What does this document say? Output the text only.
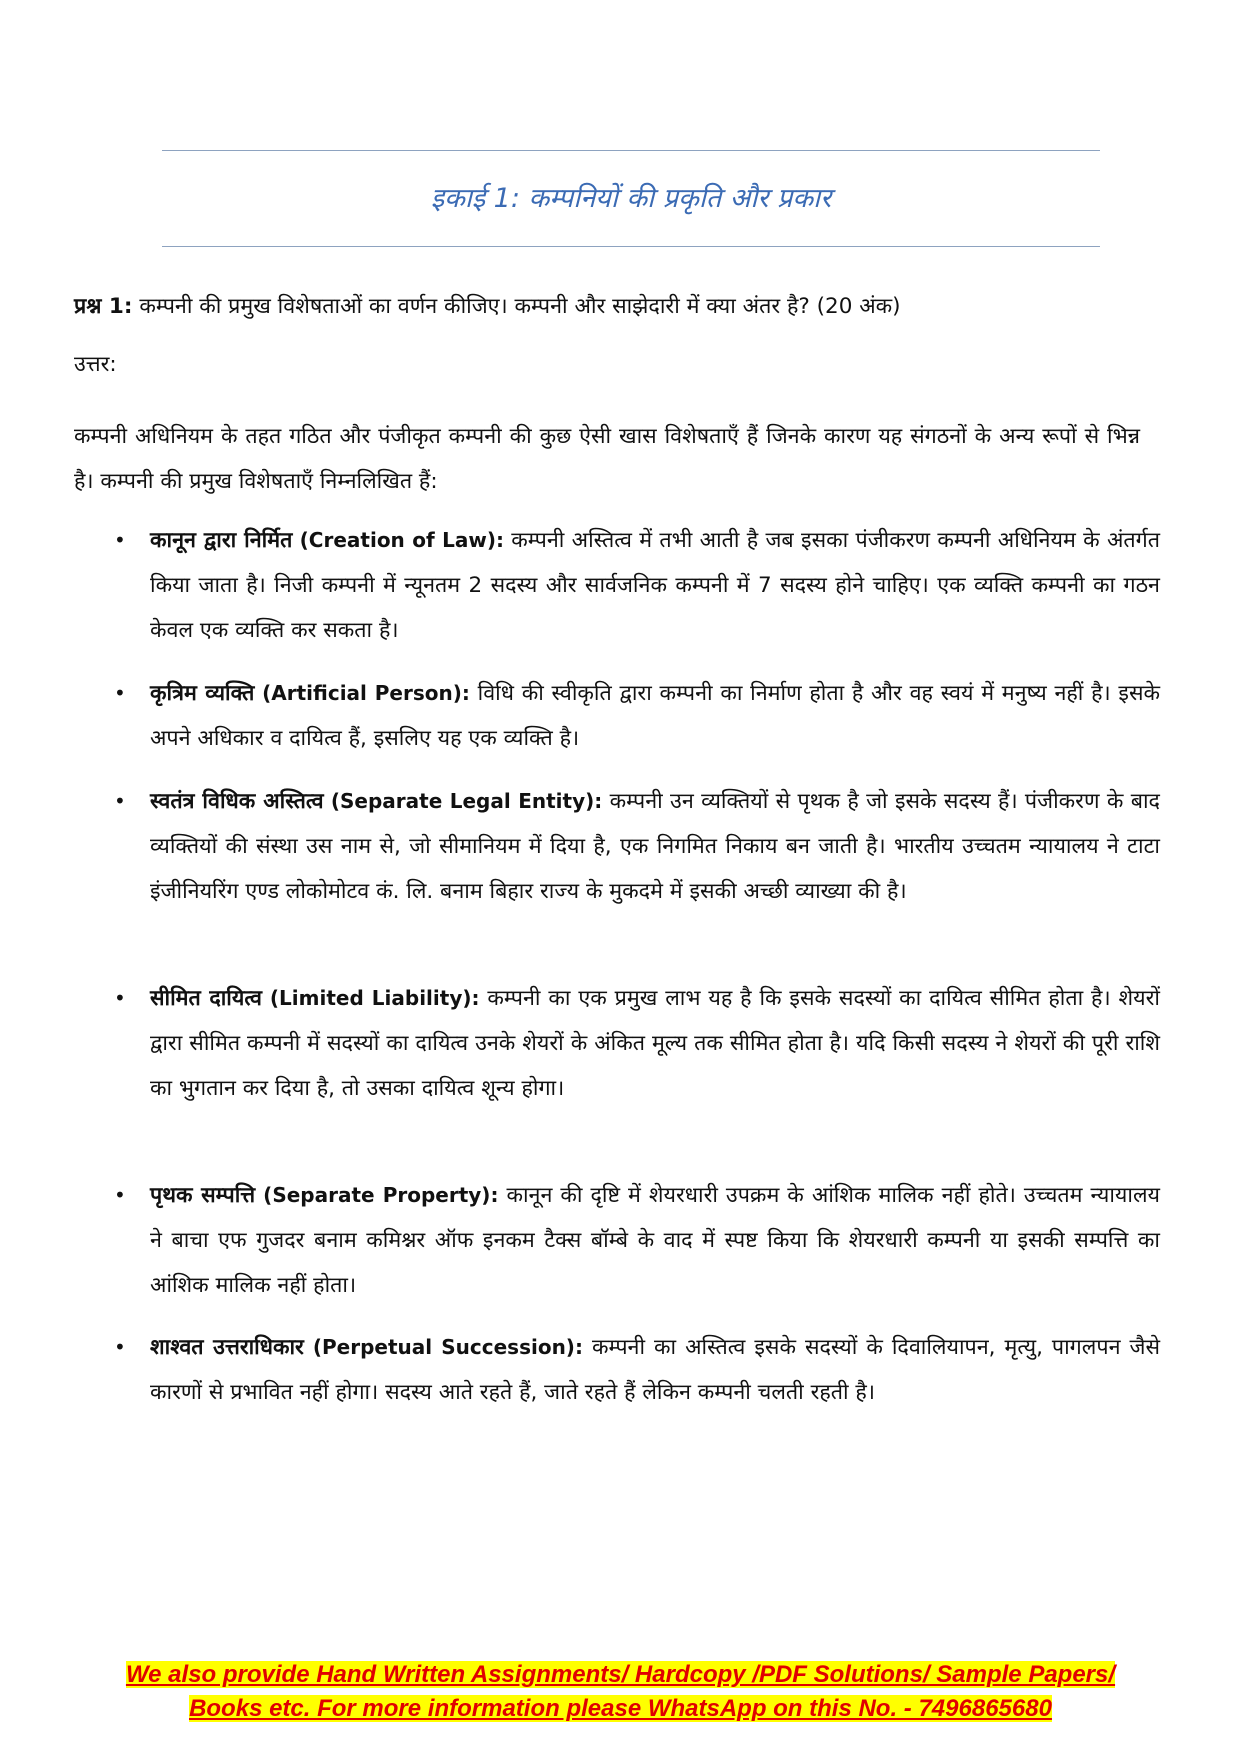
इकाई 1: कम्पनियों की प्रकृति और प्रकार
प्रश्न 1: कम्पनी की प्रमुख विशेषताओं का वर्णन कीजिए। कम्पनी और साझेदारी में क्या अंतर है? (20 अंक)
उत्तर:
कम्पनी अधिनियम के तहत गठित और पंजीकृत कम्पनी की कुछ ऐसी खास विशेषताएँ हैं जिनके कारण यह संगठनों के अन्य रूपों से भिन्न है। कम्पनी की प्रमुख विशेषताएँ निम्नलिखित हैं:
• कानून द्वारा निर्मित (Creation of Law): कम्पनी अस्तित्व में तभी आती है जब इसका पंजीकरण कम्पनी अधिनियम के अंतर्गत किया जाता है। निजी कम्पनी में न्यूनतम 2 सदस्य और सार्वजनिक कम्पनी में 7 सदस्य होने चाहिए। एक व्यक्ति कम्पनी का गठन केवल एक व्यक्ति कर सकता है।
• कृत्रिम व्यक्ति (Artificial Person): विधि की स्वीकृति द्वारा कम्पनी का निर्माण होता है और वह स्वयं में मनुष्य नहीं है। इसके अपने अधिकार व दायित्व हैं, इसलिए यह एक व्यक्ति है।
• स्वतंत्र विधिक अस्तित्व (Separate Legal Entity): कम्पनी उन व्यक्तियों से पृथक है जो इसके सदस्य हैं। पंजीकरण के बाद व्यक्तियों की संस्था उस नाम से, जो सीमानियम में दिया है, एक निगमित निकाय बन जाती है। भारतीय उच्चतम न्यायालय ने टाटा इंजीनियरिंग एण्ड लोकोमोटव कं. लि. बनाम बिहार राज्य के मुकदमे में इसकी अच्छी व्याख्या की है।
• सीमित दायित्व (Limited Liability): कम्पनी का एक प्रमुख लाभ यह है कि इसके सदस्यों का दायित्व सीमित होता है। शेयरों द्वारा सीमित कम्पनी में सदस्यों का दायित्व उनके शेयरों के अंकित मूल्य तक सीमित होता है। यदि किसी सदस्य ने शेयरों की पूरी राशि का भुगतान कर दिया है, तो उसका दायित्व शून्य होगा।
• पृथक सम्पत्ति (Separate Property): कानून की दृष्टि में शेयरधारी उपक्रम के आंशिक मालिक नहीं होते। उच्चतम न्यायालय ने बाचा एफ गुजदर बनाम कमिश्नर ऑफ इनकम टैक्स बॉम्बे के वाद में स्पष्ट किया कि शेयरधारी कम्पनी या इसकी सम्पत्ति का आंशिक मालिक नहीं होता।
• शाश्वत उत्तराधिकार (Perpetual Succession): कम्पनी का अस्तित्व इसके सदस्यों के दिवालियापन, मृत्यु, पागलपन जैसे कारणों से प्रभावित नहीं होगा। सदस्य आते रहते हैं, जाते रहते हैं लेकिन कम्पनी चलती रहती है।
We also provide Hand Written Assignments/ Hardcopy /PDF Solutions/ Sample Papers/
Books etc. For more information please WhatsApp on this No. - 7496865680
